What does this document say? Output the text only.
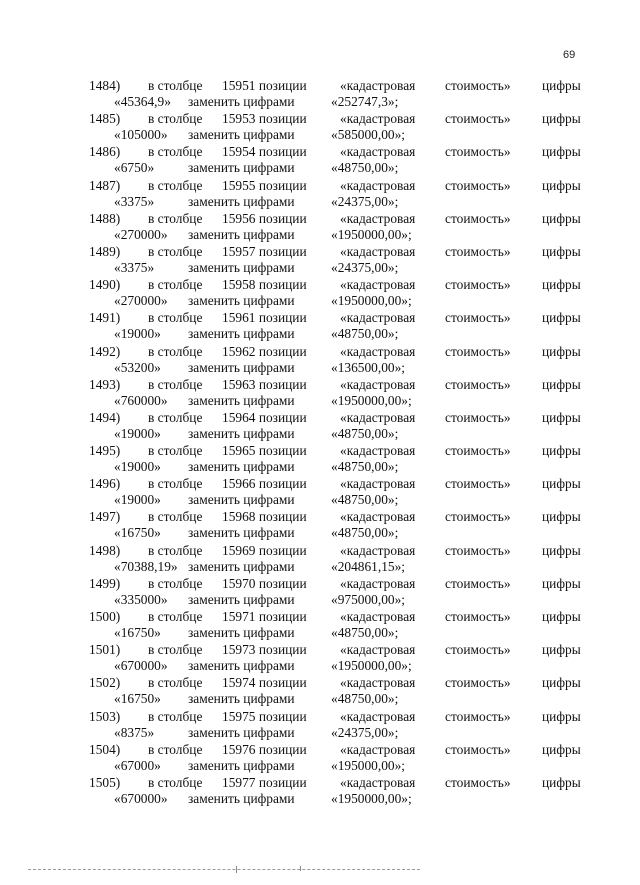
69
1484) в столбце 15951 позиции «кадастровая стоимость» цифры
«45364,9» заменить цифрами	«252747,3»;
1485) в столбце 15953 позиции «кадастровая стоимость» цифры
«105000» заменить цифрами	«585000,00»;
1486) в столбце 15954 позиции «кадастровая стоимость» цифры
«6750»	заменить цифрами	«48750,00»;
1487) в столбце 15955 позиции «кадастровая стоимость» цифры
«3375»	заменить цифрами	«24375,00»;
1488) в столбце 15956 позиции «кадастровая стоимость» цифры
«270000» заменить цифрами	«1950000,00»;
1489) в столбце 15957 позиции «кадастровая стоимость» цифры
«3375»	заменить цифрами	«24375,00»;
1490) в столбце 15958 позиции «кадастровая стоимость» цифры
«270000» заменить цифрами	«1950000,00»;
1491) в столбце 15961 позиции «кадастровая стоимость» цифры
«19000» заменить цифрами	«48750,00»;
1492) в столбце 15962 позиции «кадастровая стоимость» цифры
«53200» заменить цифрами	«136500,00»;
1493) в столбце 15963 позиции «кадастровая стоимость» цифры
«760000» заменить цифрами	«1950000,00»;
1494) в столбце 15964 позиции «кадастровая стоимость» цифры
«19000» заменить цифрами	«48750,00»;
1495) в столбце 15965 позиции «кадастровая стоимость» цифры
«19000» заменить цифрами	«48750,00»;
1496) в столбце 15966 позиции «кадастровая стоимость» цифры
«19000» заменить цифрами	«48750,00»;
1497) в столбце 15968 позиции «кадастровая стоимость» цифры
«16750» заменить цифрами	«48750,00»;
1498) в столбце 15969 позиции «кадастровая стоимость» цифры
«70388,19» заменить цифрами	«204861,15»;
1499) в столбце 15970 позиции «кадастровая стоимость» цифры
«335000» заменить цифрами	«975000,00»;
1500) в столбце 15971 позиции «кадастровая стоимость» цифры
«16750» заменить цифрами	«48750,00»;
1501) в столбце 15973 позиции «кадастровая стоимость» цифры
«670000» заменить цифрами	«1950000,00»;
1502) в столбце 15974 позиции «кадастровая стоимость» цифры
«16750» заменить цифрами	«48750,00»;
1503) в столбце 15975 позиции «кадастровая стоимость» цифры
«8375»	заменить цифрами	«24375,00»;
1504) в столбце 15976 позиции «кадастровая стоимость» цифры
«67000» заменить цифрами	«195000,00»;
1505) в столбце 15977 позиции «кадастровая стоимость» цифры
«670000» заменить цифрами	«1950000,00»;
